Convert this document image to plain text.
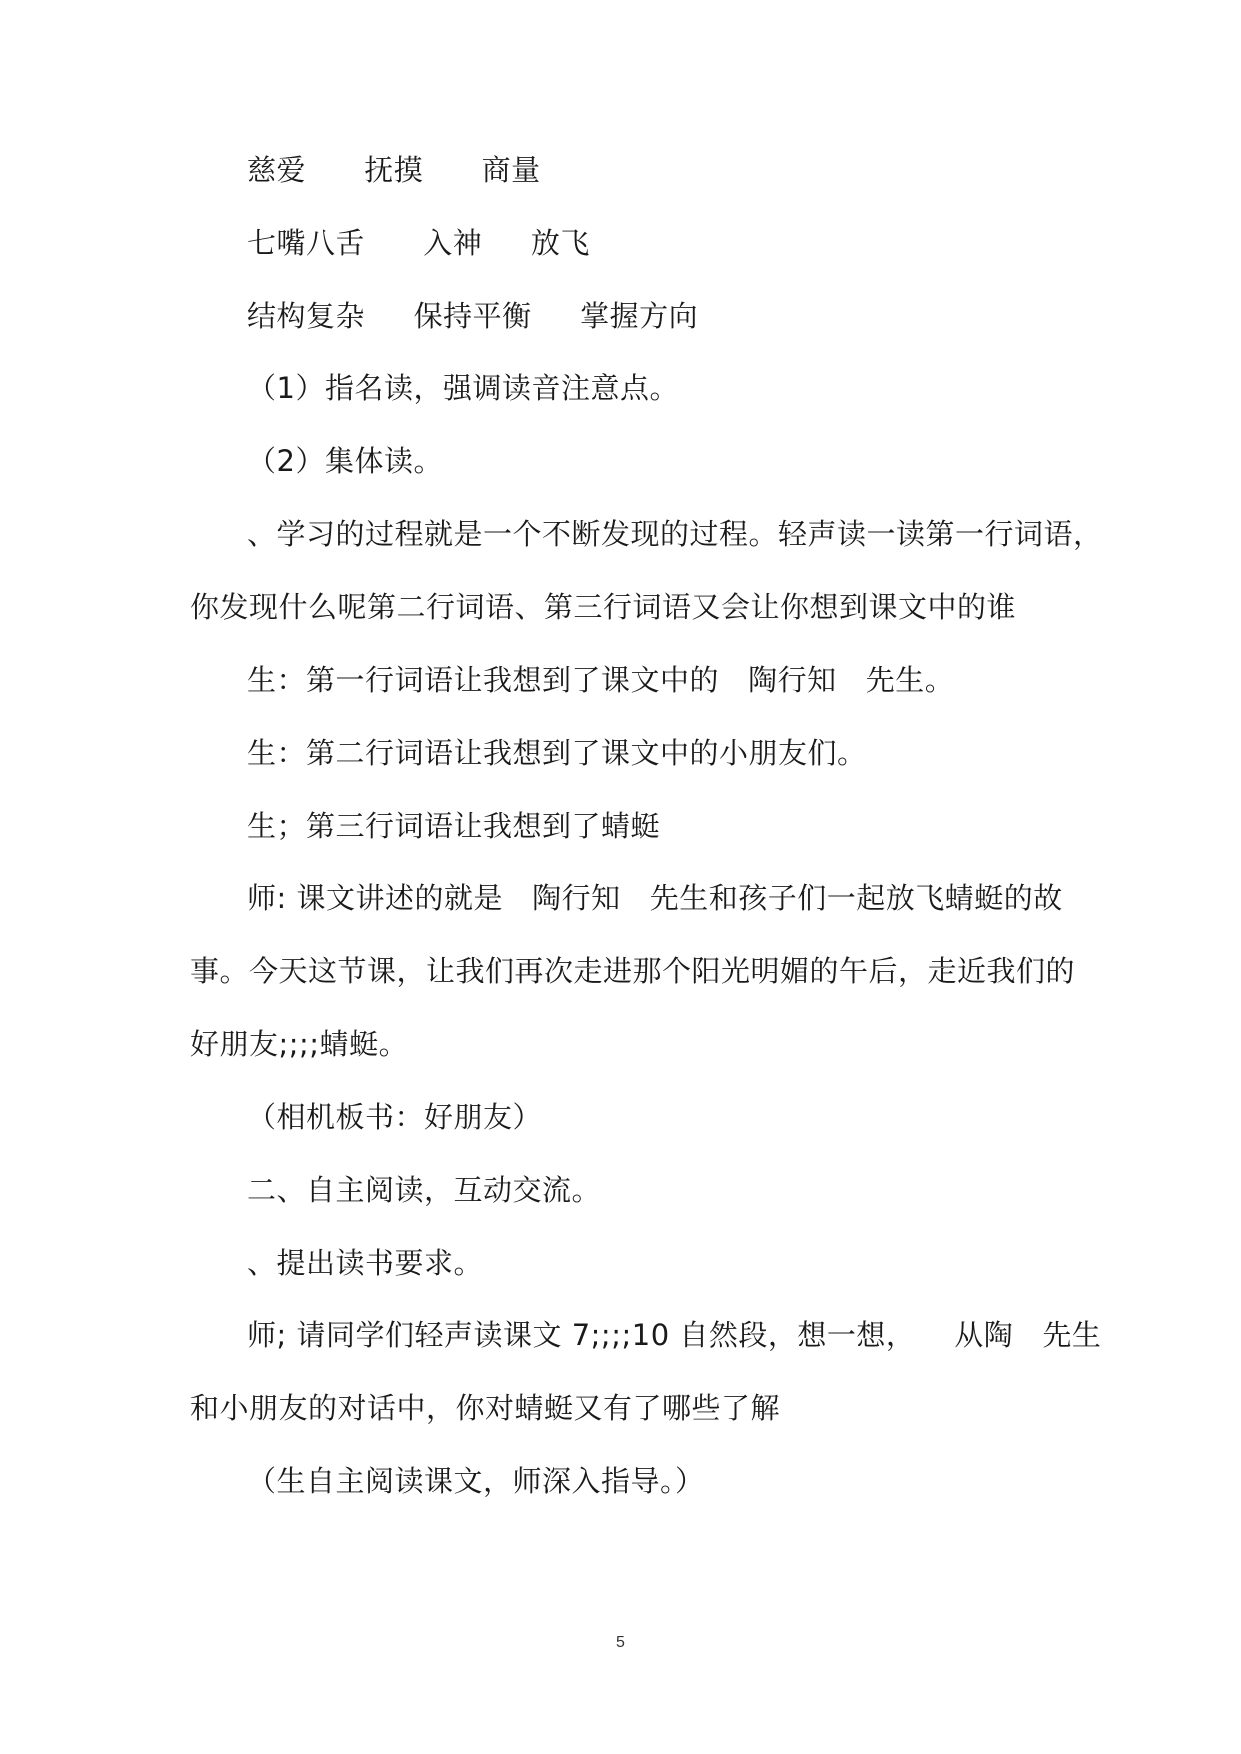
慈爱      抚摸      商量
七嘴八舌      入神     放飞
结构复杂     保持平衡     掌握方向
（1）指名读，强调读音注意点。
（2）集体读。
、学习的过程就是一个不断发现的过程。轻声读一读第一行词语，
你发现什么呢第二行词语、第三行词语又会让你想到课文中的谁
生：第一行词语让我想到了课文中的   陶行知   先生。
生：第二行词语让我想到了课文中的小朋友们。
生；第三行词语让我想到了蜻蜓
师: 课文讲述的就是   陶行知   先生和孩子们一起放飞蜻蜓的故
事。今天这节课，让我们再次走进那个阳光明媚的午后，走近我们的
好朋友;;;;蜻蜓。
（相机板书：好朋友）
二、自主阅读，互动交流。
、提出读书要求。
师; 请同学们轻声读课文 7;;;;10 自然段，想一想，    从陶   先生
和小朋友的对话中，你对蜻蜓又有了哪些了解
（生自主阅读课文，师深入指导。）
5
